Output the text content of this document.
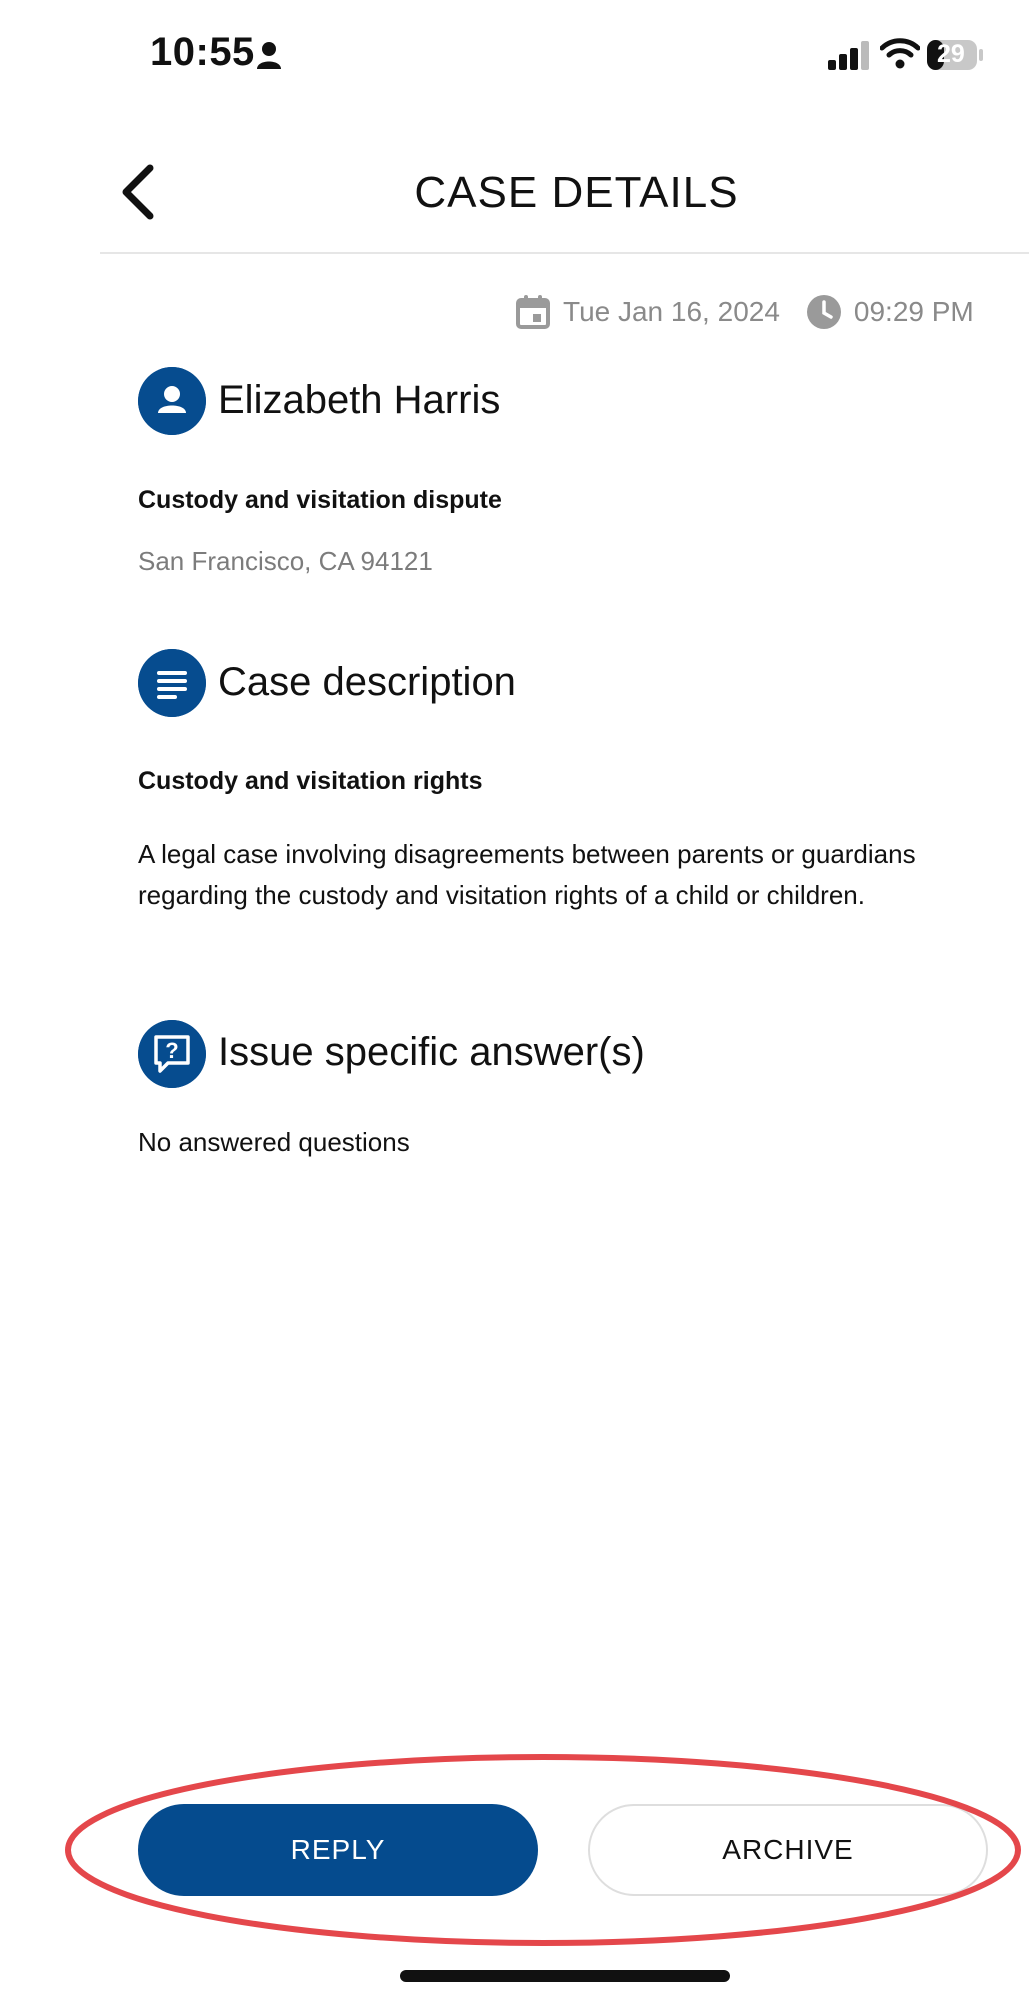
10:55	29
CASE DETAILS
Tue Jan 16, 2024	09:29 PM
Elizabeth Harris
Custody and visitation dispute
San Francisco, CA 94121
Case description
Custody and visitation rights
A legal case involving disagreements between parents or guardians regarding the custody and visitation rights of a child or children.
? Issue specific answer(s)
No answered questions
REPLY	ARCHIVE
